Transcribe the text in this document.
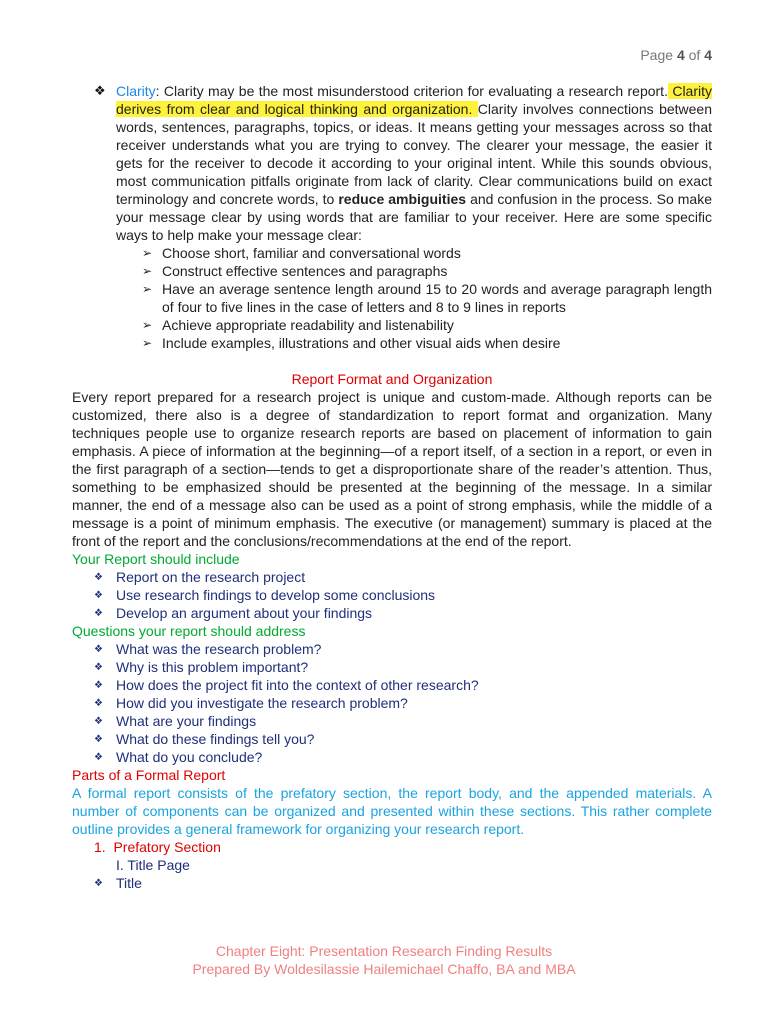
Page 4 of 4
❖ Clarity: Clarity may be the most misunderstood criterion for evaluating a research report. Clarity derives from clear and logical thinking and organization. Clarity involves connections between words, sentences, paragraphs, topics, or ideas. It means getting your messages across so that receiver understands what you are trying to convey. The clearer your message, the easier it gets for the receiver to decode it according to your original intent. While this sounds obvious, most communication pitfalls originate from lack of clarity. Clear communications build on exact terminology and concrete words, to reduce ambiguities and confusion in the process. So make your message clear by using words that are familiar to your receiver. Here are some specific ways to help make your message clear:
➢ Choose short, familiar and conversational words
➢ Construct effective sentences and paragraphs
➢ Have an average sentence length around 15 to 20 words and average paragraph length of four to five lines in the case of letters and 8 to 9 lines in reports
➢ Achieve appropriate readability and listenability
➢ Include examples, illustrations and other visual aids when desire
Report Format and Organization
Every report prepared for a research project is unique and custom-made. Although reports can be customized, there also is a degree of standardization to report format and organization. Many techniques people use to organize research reports are based on placement of information to gain emphasis. A piece of information at the beginning—of a report itself, of a section in a report, or even in the first paragraph of a section—tends to get a disproportionate share of the reader’s attention. Thus, something to be emphasized should be presented at the beginning of the message. In a similar manner, the end of a message also can be used as a point of strong emphasis, while the middle of a message is a point of minimum emphasis. The executive (or management) summary is placed at the front of the report and the conclusions/recommendations at the end of the report.
Your Report should include
❖ Report on the research project
❖ Use research findings to develop some conclusions
❖ Develop an argument about your findings
Questions your report should address
❖ What was the research problem?
❖ Why is this problem important?
❖ How does the project fit into the context of other research?
❖ How did you investigate the research problem?
❖ What are your findings
❖ What do these findings tell you?
❖ What do you conclude?
Parts of a Formal Report
A formal report consists of the prefatory section, the report body, and the appended materials. A number of components can be organized and presented within these sections. This rather complete outline provides a general framework for organizing your research report.
1. Prefatory Section
I. Title Page
❖ Title
Chapter Eight: Presentation Research Finding Results
Prepared By Woldesilassie Hailemichael Chaffo, BA and MBA
